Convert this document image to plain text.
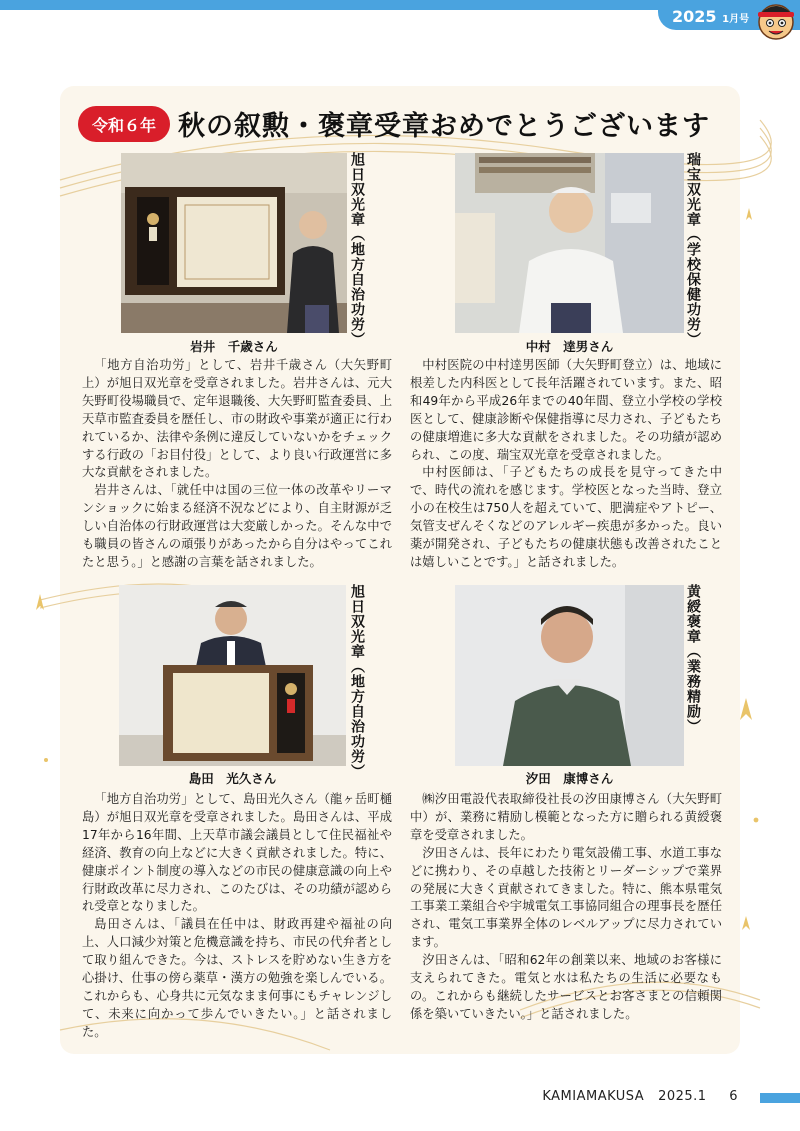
2025 1月号
令和６年 秋の叙勲・褒章受章おめでとうございます
旭日双光章（地方自治功労）
岩井　千歳さん

「地方自治功労」として、岩井千歳さん（大矢野町上）が旭日双光章を受章されました。岩井さんは、元大矢野町役場職員で、定年退職後、大矢野町監査委員、上天草市監査委員を歴任し、市の財政や事業が適正に行われているか、法律や条例に違反していないかをチェックする行政の「お目付役」として、より良い行政運営に多大な貢献をされました。

岩井さんは、「就任中は国の三位一体の改革やリーマンショックに始まる経済不況などにより、自主財源が乏しい自治体の行財政運営は大変厳しかった。そんな中でも職員の皆さんの頑張りがあったから自分はやってこれたと思う。」と感謝の言葉を話されました。

瑞宝双光章（学校保健功労）
中村　逹男さん

中村医院の中村逹男医師（大矢野町登立）は、地域に根差した内科医として長年活躍されています。また、昭和49年から平成26年までの40年間、登立小学校の学校医として、健康診断や保健指導に尽力され、子どもたちの健康増進に多大な貢献をされました。その功績が認められ、この度、瑞宝双光章を受章されました。

中村医師は、「子どもたちの成長を見守ってきた中で、時代の流れを感じます。学校医となった当時、登立小の在校生は750人を超えていて、肥満症やアトピー、気管支ぜんそくなどのアレルギー疾患が多かった。良い薬が開発され、子どもたちの健康状態も改善されたことは嬉しいことです。」と話されました。

旭日双光章（地方自治功労）
島田　光久さん

「地方自治功労」として、島田光久さん（龍ヶ岳町樋島）が旭日双光章を受章されました。島田さんは、平成17年から16年間、上天草市議会議員として住民福祉や経済、教育の向上などに大きく貢献されました。特に、健康ポイント制度の導入などの市民の健康意識の向上や行財政改革に尽力され、このたびは、その功績が認められ受章となりました。

島田さんは、「議員在任中は、財政再建や福祉の向上、人口減少対策と危機意識を持ち、市民の代弁者として取り組んできた。今は、ストレスを貯めない生き方を心掛け、仕事の傍ら薬草・漢方の勉強を楽しんでいる。これからも、心身共に元気なまま何事にもチャレンジして、未来に向かって歩んでいきたい。」と話されました。

黄綬褒章（業務精励）
汐田　康博さん

㈱汐田電設代表取締役社長の汐田康博さん（大矢野町中）が、業務に精励し模範となった方に贈られる黄綬褒章を受章されました。

汐田さんは、長年にわたり電気設備工事、水道工事などに携わり、その卓越した技術とリーダーシップで業界の発展に大きく貢献されてきました。特に、熊本県電気工事業工業組合や宇城電気工事協同組合の理事長を歴任され、電気工事業界全体のレベルアップに尽力されています。

汐田さんは、「昭和62年の創業以来、地域のお客様に支えられてきた。電気と水は私たちの生活に必要なもの。これからも継続したサービスとお客さまとの信頼関係を築いていきたい。」と話されました。

KAMIAMAKUSA 2025.1 6
